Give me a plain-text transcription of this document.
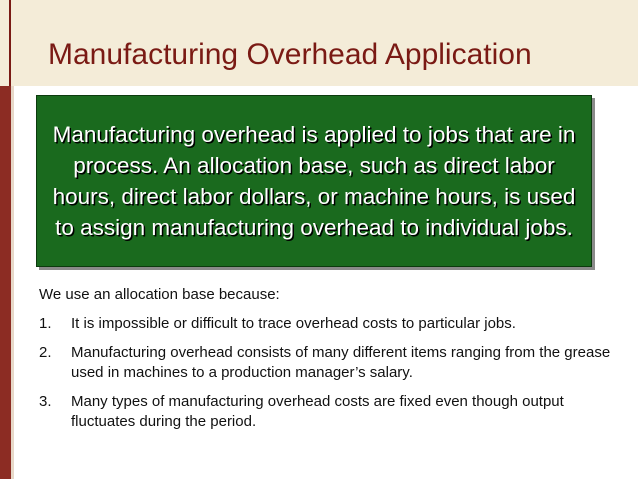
Manufacturing Overhead Application
Manufacturing overhead is applied to jobs that are in process. An allocation base, such as direct labor hours, direct labor dollars, or machine hours, is used to assign manufacturing overhead to individual jobs.
We use an allocation base because:
1. It is impossible or difficult to trace overhead costs to particular jobs.
2. Manufacturing overhead consists of many different items ranging from the grease used in machines to a production manager’s salary.
3. Many types of manufacturing overhead costs are fixed even though output fluctuates during the period.
